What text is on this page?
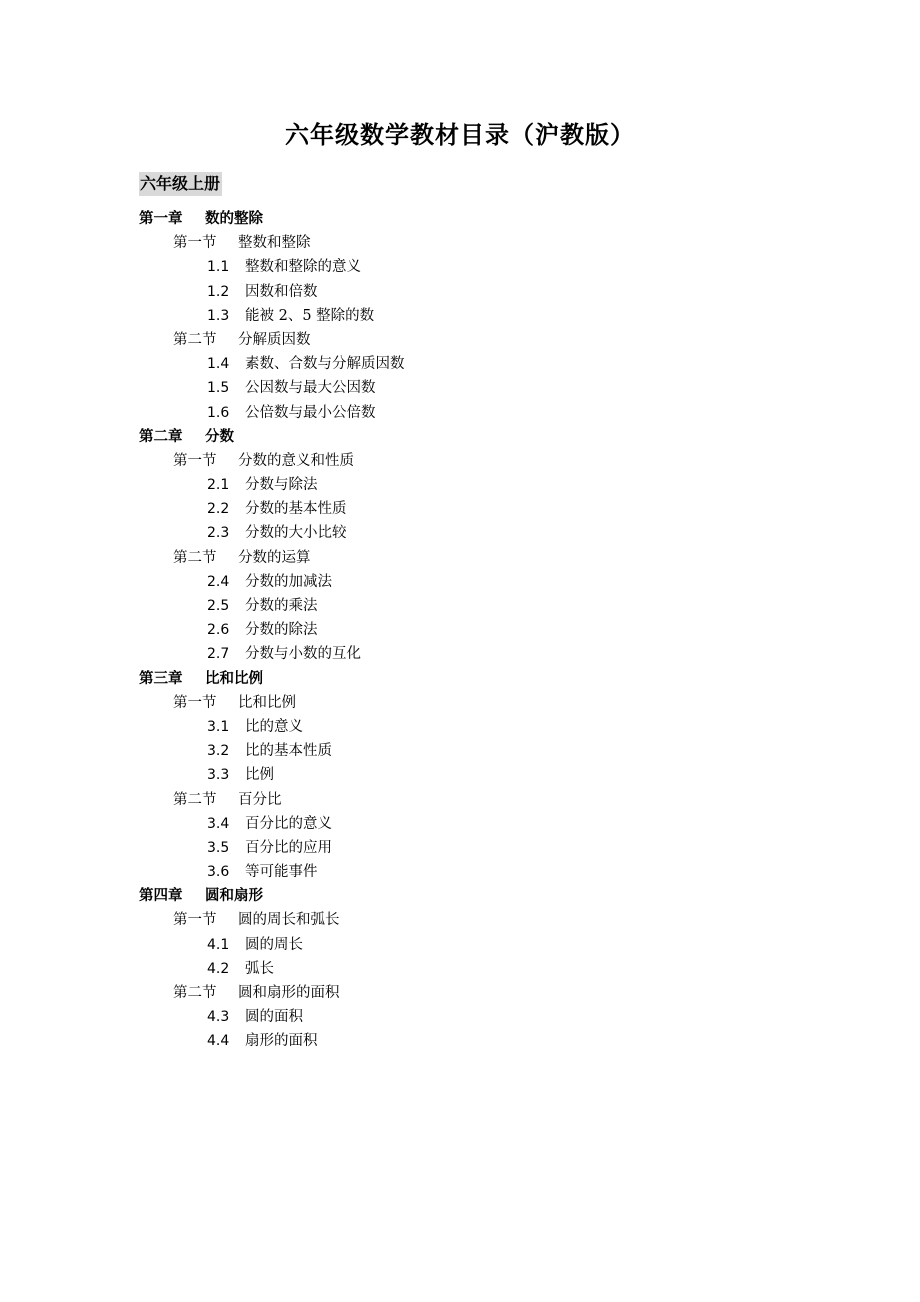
六年级数学教材目录（沪教版）
六年级上册
第一章 数的整除
第一节 整数和整除
1.1 整数和整除的意义
1.2 因数和倍数
1.3 能被 2、5 整除的数
第二节 分解质因数
1.4 素数、合数与分解质因数
1.5 公因数与最大公因数
1.6 公倍数与最小公倍数
第二章 分数
第一节 分数的意义和性质
2.1 分数与除法
2.2 分数的基本性质
2.3 分数的大小比较
第二节 分数的运算
2.4 分数的加减法
2.5 分数的乘法
2.6 分数的除法
2.7 分数与小数的互化
第三章 比和比例
第一节 比和比例
3.1 比的意义
3.2 比的基本性质
3.3 比例
第二节 百分比
3.4 百分比的意义
3.5 百分比的应用
3.6 等可能事件
第四章 圆和扇形
第一节 圆的周长和弧长
4.1 圆的周长
4.2 弧长
第二节 圆和扇形的面积
4.3 圆的面积
4.4 扇形的面积
